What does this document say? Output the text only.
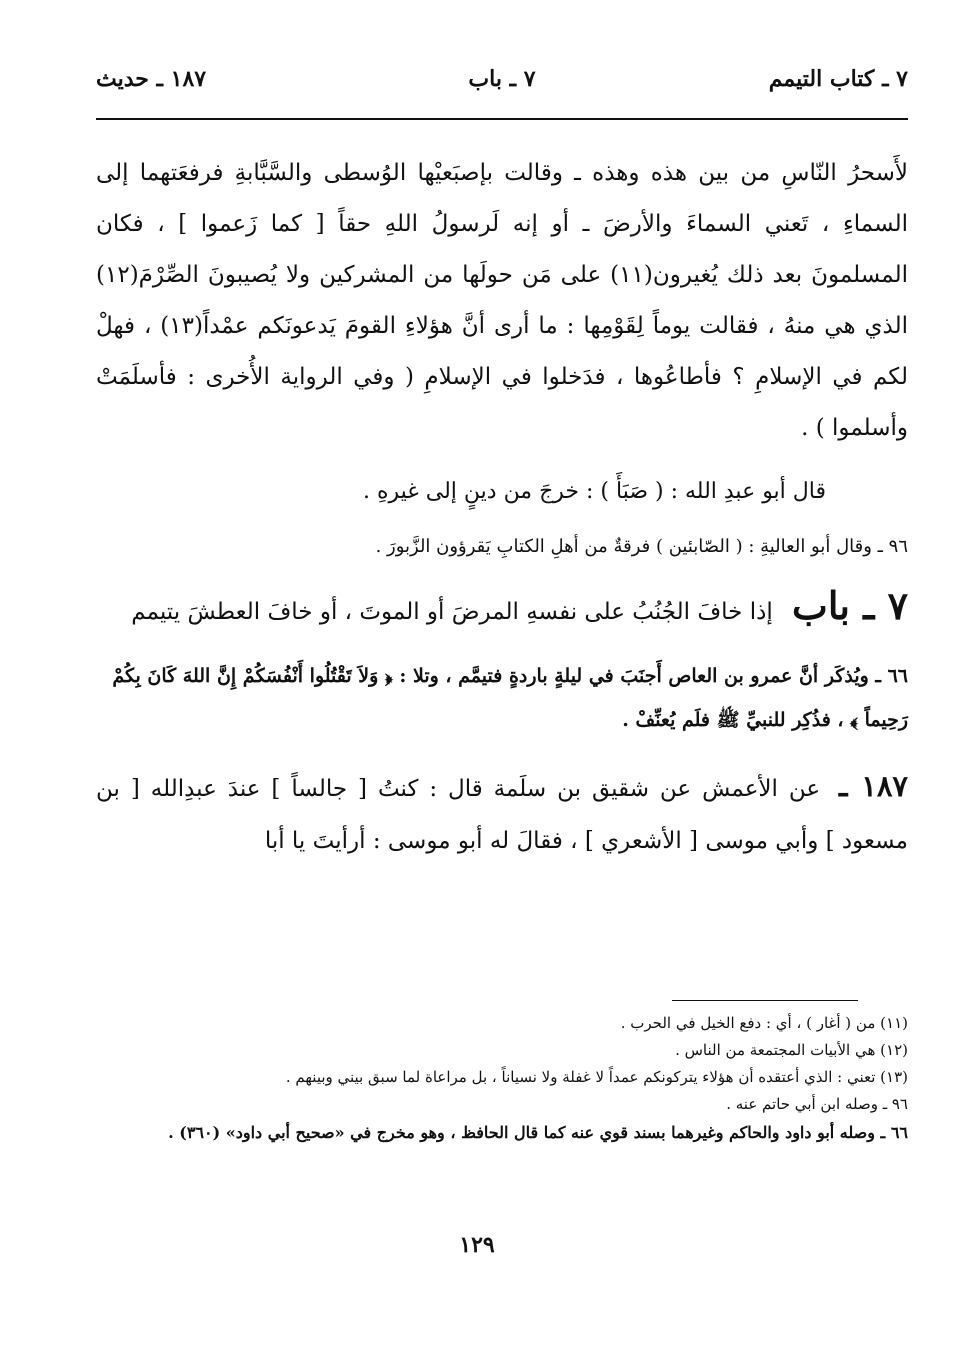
٧ ـ كتاب التيمم
٧ ـ باب
١٨٧ ـ حديث

لأَسحرُ النّاسِ من بين هذه وهذه ـ وقالت بإصبَعيْها الوُسطى والسَّبَّابةِ فرفعَتهما إلى السماءِ ، تَعني السماءَ والأرضَ ـ أو إنه لَرسولُ اللهِ حقاً [ كما زَعموا ] ، فكان المسلمونَ بعد ذلك يُغيرون(١١) على مَن حولَها من المشركين ولا يُصيبونَ الصِّرْمَ(١٢) الذي هي منهُ ، فقالت يوماً لِقَوْمِها : ما أرى أنَّ هؤلاءِ القومَ يَدعونَكم عمْداً(١٣) ، فهلْ لكم في الإسلامِ ؟ فأطاعُوها ، فدَخلوا في الإسلامِ ( وفي الرواية الأُخرى : فأسلَمَتْ وأسلموا ) .

قال أبو عبدِ الله : ( صَبَأَ ) : خرجَ من دينٍ إلى غيرهِ .

٩٦ ـ وقال أبو العاليةِ : ( الصّابئين ) فرقةٌ من أهلِ الكتابِ يَقرؤون الزَّبورَ .

٧ ـ باب إذا خافَ الجُنُبُ على نفسهِ المرضَ أو الموتَ ، أو خافَ العطشَ يتيمم

٦٦ ـ ويُذكَر أنَّ عمرو بن العاص أَجنَبَ في ليلةٍ باردةٍ فتيمَّم ، وتلا : ﴿ وَلاَ تَقْتُلُوا أَنْفُسَكُمْ إِنَّ اللهَ كَانَ بِكُمْ رَحِيماً ﴾ ، فذُكِر للنبيِّ ﷺ فلَم يُعنِّفْ .

١٨٧ ـ عن الأعمش عن شقيق بن سلَمة قال : كنتُ [ جالساً ] عندَ عبدِالله [ بن مسعود ] وأبي موسى [ الأشعري ] ، فقالَ له أبو موسى : أرأيتَ يا أبا

(١١) من ( أغار ) ، أي : دفع الخيل في الحرب .

(١٢) هي الأبيات المجتمعة من الناس .

(١٣) تعني : الذي أعتقده أن هؤلاء يتركونكم عمداً لا غفلة ولا نسياناً ، بل مراعاة لما سبق بيني وبينهم .

٩٦ ـ وصله ابن أبي حاتم عنه .

٦٦ ـ وصله أبو داود والحاكم وغيرهما بسند قوي عنه كما قال الحافظ ، وهو مخرج في «صحيح أبي داود» (٣٦٠) .

١٢٩
